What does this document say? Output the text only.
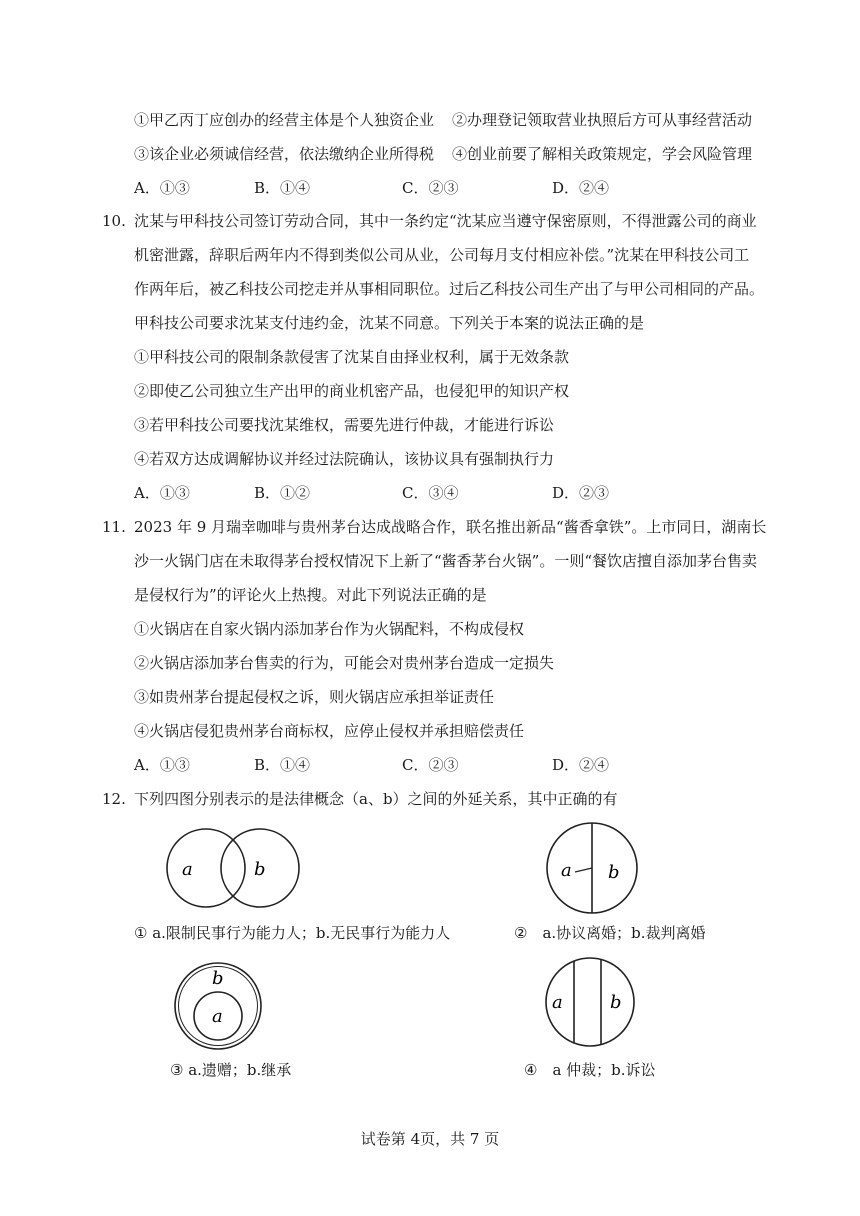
①甲乙丙丁应创办的经营主体是个人独资企业 ②办理登记领取营业执照后方可从事经营活动
③该企业必须诚信经营，依法缴纳企业所得税 ④创业前要了解相关政策规定，学会风险管理
A．①③	B．①④	C．②③	D．②④
10. 沈某与甲科技公司签订劳动合同，其中一条约定“沈某应当遵守保密原则，不得泄露公司的商业
机密泄露，辞职后两年内不得到类似公司从业，公司每月支付相应补偿。”沈某在甲科技公司工
作两年后，被乙科技公司挖走并从事相同职位。过后乙科技公司生产出了与甲公司相同的产品。
甲科技公司要求沈某支付违约金，沈某不同意。下列关于本案的说法正确的是
①甲科技公司的限制条款侵害了沈某自由择业权利，属于无效条款
②即使乙公司独立生产出甲的商业机密产品，也侵犯甲的知识产权
③若甲科技公司要找沈某维权，需要先进行仲裁，才能进行诉讼
④若双方达成调解协议并经过法院确认，该协议具有强制执行力
A．①③	B．①②	C．③④	D．②③
11. 2023 年 9 月瑞幸咖啡与贵州茅台达成战略合作，联名推出新品“酱香拿铁”。上市同日，湖南长
沙一火锅门店在未取得茅台授权情况下上新了“酱香茅台火锅”。一则“餐饮店擅自添加茅台售卖
是侵权行为”的评论火上热搜。对此下列说法正确的是
①火锅店在自家火锅内添加茅台作为火锅配料，不构成侵权
②火锅店添加茅台售卖的行为，可能会对贵州茅台造成一定损失
③如贵州茅台提起侵权之诉，则火锅店应承担举证责任
④火锅店侵犯贵州茅台商标权，应停止侵权并承担赔偿责任
A．①③	B．①④	C．②③	D．②④
12. 下列四图分别表示的是法律概念（a、b）之间的外延关系，其中正确的有
a	b
① a.限制民事行为能力人；b.无民事行为能力人
a b
②　a.协议离婚；b.裁判离婚
b
a
③ a.遗赠；b.继承
a	b
④　a 仲裁；b.诉讼
试卷第 4页，共 7 页
